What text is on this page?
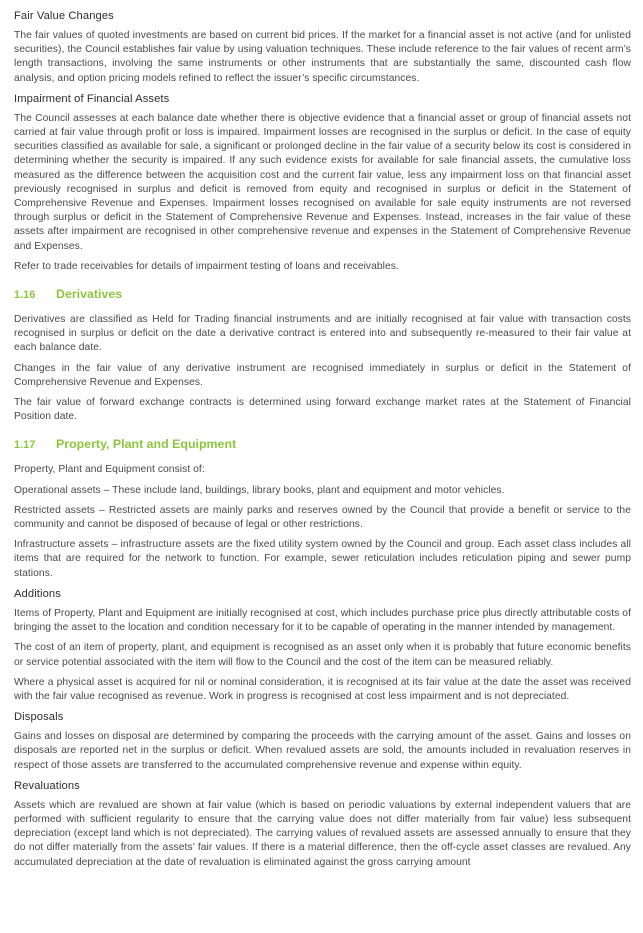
Fair Value Changes

The fair values of quoted investments are based on current bid prices. If the market for a financial asset is not active (and for unlisted securities), the Council establishes fair value by using valuation techniques. These include reference to the fair values of recent arm’s length transactions, involving the same instruments or other instruments that are substantially the same, discounted cash flow analysis, and option pricing models refined to reflect the issuer’s specific circumstances.

Impairment of Financial Assets

The Council assesses at each balance date whether there is objective evidence that a financial asset or group of financial assets not carried at fair value through profit or loss is impaired. Impairment losses are recognised in the surplus or deficit. In the case of equity securities classified as available for sale, a significant or prolonged decline in the fair value of a security below its cost is considered in determining whether the security is impaired. If any such evidence exists for available for sale financial assets, the cumulative loss measured as the difference between the acquisition cost and the current fair value, less any impairment loss on that financial asset previously recognised in surplus and deficit is removed from equity and recognised in surplus or deficit in the Statement of Comprehensive Revenue and Expenses. Impairment losses recognised on available for sale equity instruments are not reversed through surplus or deficit in the Statement of Comprehensive Revenue and Expenses. Instead, increases in the fair value of these assets after impairment are recognised in other comprehensive revenue and expenses in the Statement of Comprehensive Revenue and Expenses.

Refer to trade receivables for details of impairment testing of loans and receivables.

1.16 Derivatives

Derivatives are classified as Held for Trading financial instruments and are initially recognised at fair value with transaction costs recognised in surplus or deficit on the date a derivative contract is entered into and subsequently re-measured to their fair value at each balance date.

Changes in the fair value of any derivative instrument are recognised immediately in surplus or deficit in the Statement of Comprehensive Revenue and Expenses.

The fair value of forward exchange contracts is determined using forward exchange market rates at the Statement of Financial Position date.

1.17 Property, Plant and Equipment

Property, Plant and Equipment consist of:

Operational assets – These include land, buildings, library books, plant and equipment and motor vehicles.

Restricted assets – Restricted assets are mainly parks and reserves owned by the Council that provide a benefit or service to the community and cannot be disposed of because of legal or other restrictions.

Infrastructure assets – infrastructure assets are the fixed utility system owned by the Council and group. Each asset class includes all items that are required for the network to function. For example, sewer reticulation includes reticulation piping and sewer pump stations.

Additions

Items of Property, Plant and Equipment are initially recognised at cost, which includes purchase price plus directly attributable costs of bringing the asset to the location and condition necessary for it to be capable of operating in the manner intended by management.

The cost of an item of property, plant, and equipment is recognised as an asset only when it is probably that future economic benefits or service potential associated with the item will flow to the Council and the cost of the item can be measured reliably.

Where a physical asset is acquired for nil or nominal consideration, it is recognised at its fair value at the date the asset was received with the fair value recognised as revenue. Work in progress is recognised at cost less impairment and is not depreciated.

Disposals

Gains and losses on disposal are determined by comparing the proceeds with the carrying amount of the asset. Gains and losses on disposals are reported net in the surplus or deficit. When revalued assets are sold, the amounts included in revaluation reserves in respect of those assets are transferred to the accumulated comprehensive revenue and expense within equity.

Revaluations

Assets which are revalued are shown at fair value (which is based on periodic valuations by external independent valuers that are performed with sufficient regularity to ensure that the carrying value does not differ materially from fair value) less subsequent depreciation (except land which is not depreciated). The carrying values of revalued assets are assessed annually to ensure that they do not differ materially from the assets’ fair values. If there is a material difference, then the off-cycle asset classes are revalued. Any accumulated depreciation at the date of revaluation is eliminated against the gross carrying amount
